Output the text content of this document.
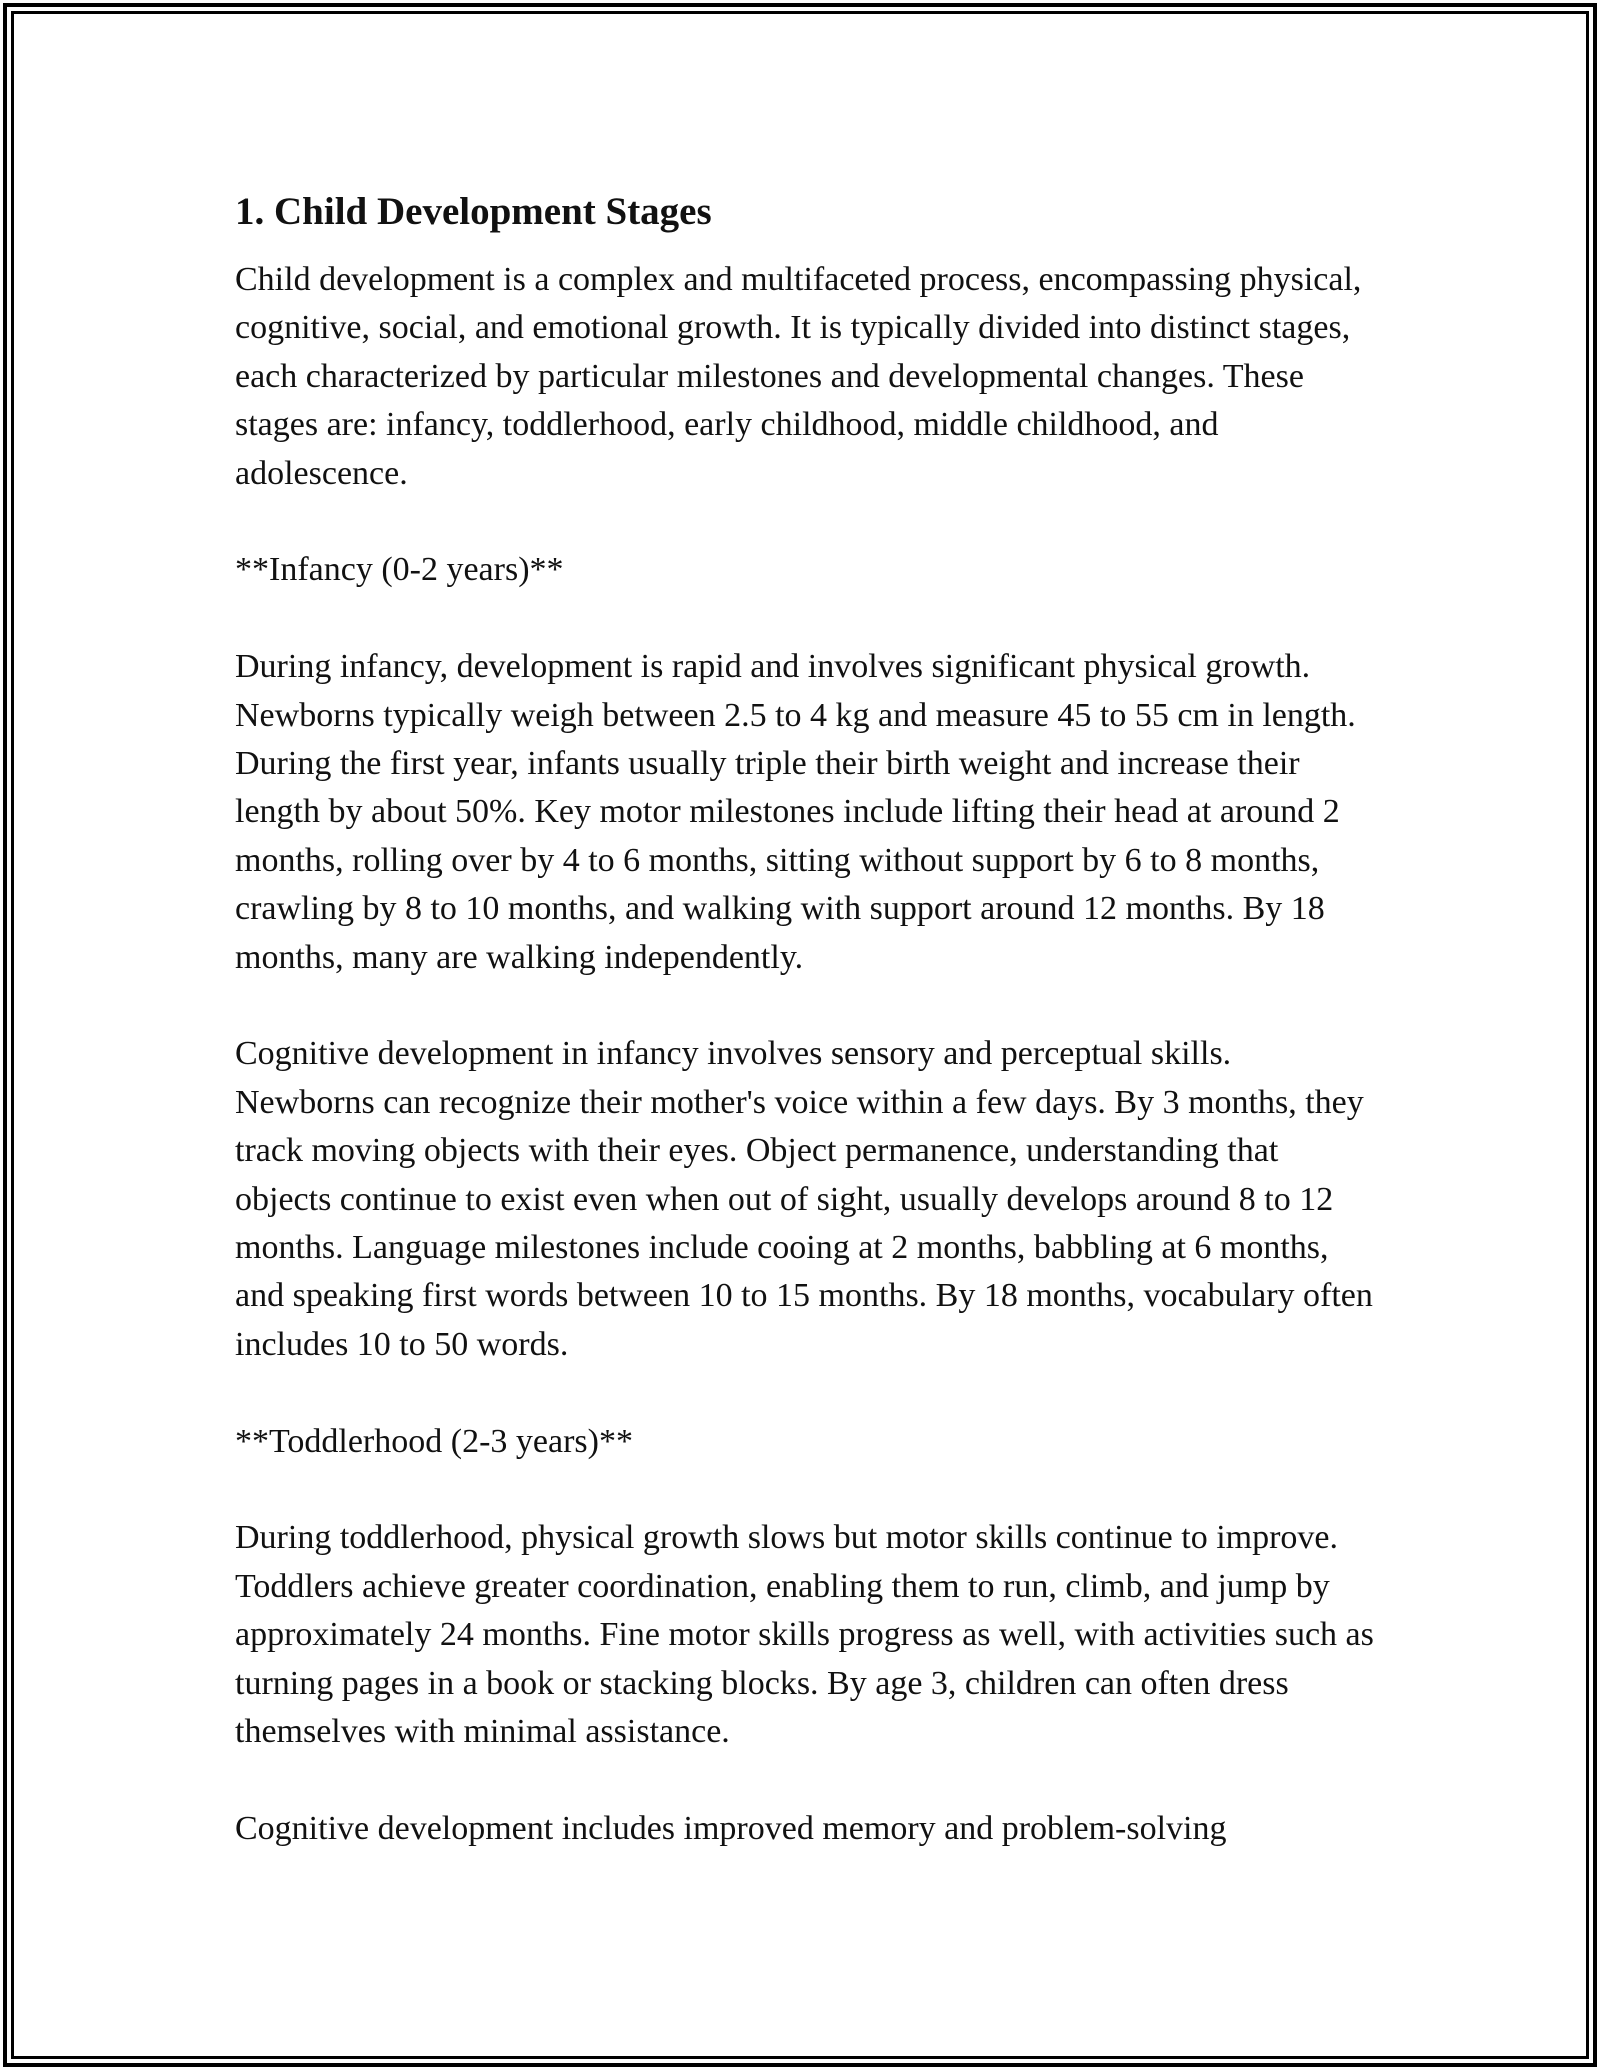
1. Child Development Stages

Child development is a complex and multifaceted process, encompassing physical, cognitive, social, and emotional growth. It is typically divided into distinct stages, each characterized by particular milestones and developmental changes. These stages are: infancy, toddlerhood, early childhood, middle childhood, and adolescence.

**Infancy (0-2 years)**

During infancy, development is rapid and involves significant physical growth. Newborns typically weigh between 2.5 to 4 kg and measure 45 to 55 cm in length. During the first year, infants usually triple their birth weight and increase their length by about 50%. Key motor milestones include lifting their head at around 2 months, rolling over by 4 to 6 months, sitting without support by 6 to 8 months, crawling by 8 to 10 months, and walking with support around 12 months. By 18 months, many are walking independently.

Cognitive development in infancy involves sensory and perceptual skills. Newborns can recognize their mother's voice within a few days. By 3 months, they track moving objects with their eyes. Object permanence, understanding that objects continue to exist even when out of sight, usually develops around 8 to 12 months. Language milestones include cooing at 2 months, babbling at 6 months, and speaking first words between 10 to 15 months. By 18 months, vocabulary often includes 10 to 50 words.

**Toddlerhood (2-3 years)**

During toddlerhood, physical growth slows but motor skills continue to improve. Toddlers achieve greater coordination, enabling them to run, climb, and jump by approximately 24 months. Fine motor skills progress as well, with activities such as turning pages in a book or stacking blocks. By age 3, children can often dress themselves with minimal assistance.

Cognitive development includes improved memory and problem-solving
